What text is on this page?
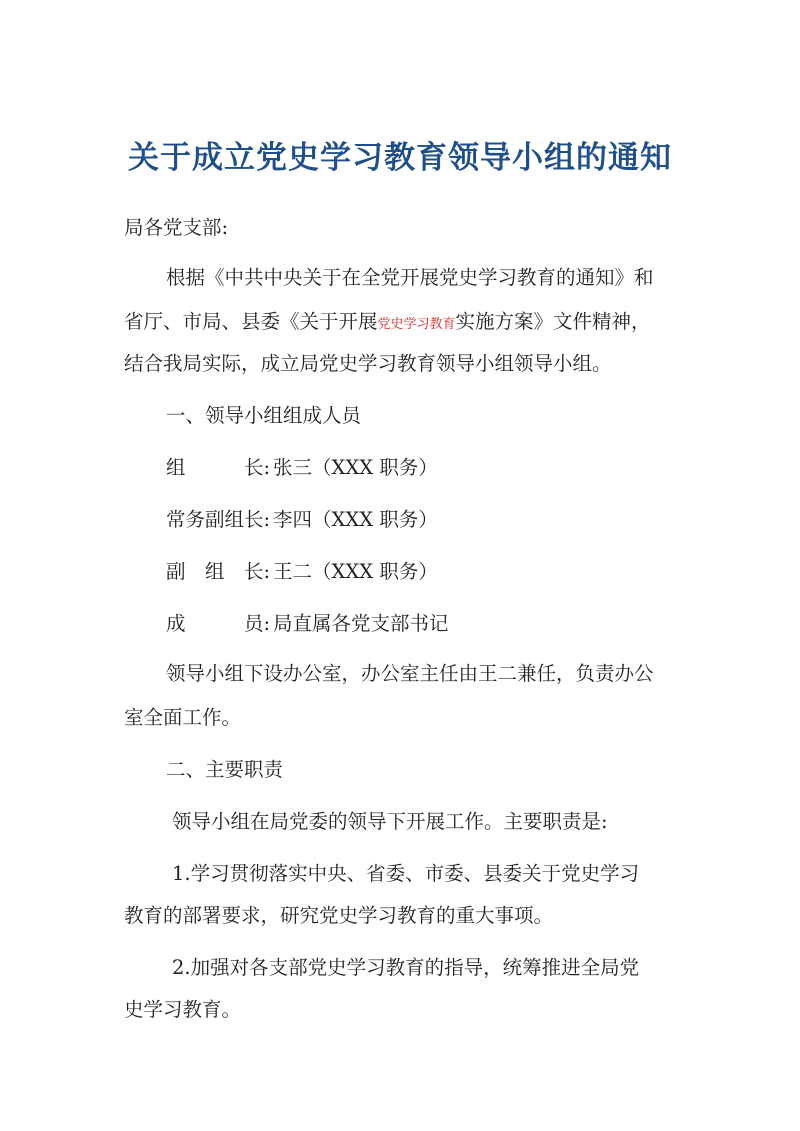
关于成立党史学习教育领导小组的通知
局各党支部:
根据《中共中央关于在全党开展党史学习教育的通知》和
省厅、市局、县委《关于开展党史学习教育实施方案》文件精神，
结合我局实际，成立局党史学习教育领导小组领导小组。
一、领导小组组成人员
组　　　长: 张三（XXX 职务）
常务副组长: 李四（XXX 职务）
副　组　长: 王二（XXX 职务）
成　　　员: 局直属各党支部书记
领导小组下设办公室，办公室主任由王二兼任，负责办公
室全面工作。
二、主要职责
领导小组在局党委的领导下开展工作。主要职责是:
1.学习贯彻落实中央、省委、市委、县委关于党史学习
教育的部署要求，研究党史学习教育的重大事项。
2.加强对各支部党史学习教育的指导，统筹推进全局党
史学习教育。
